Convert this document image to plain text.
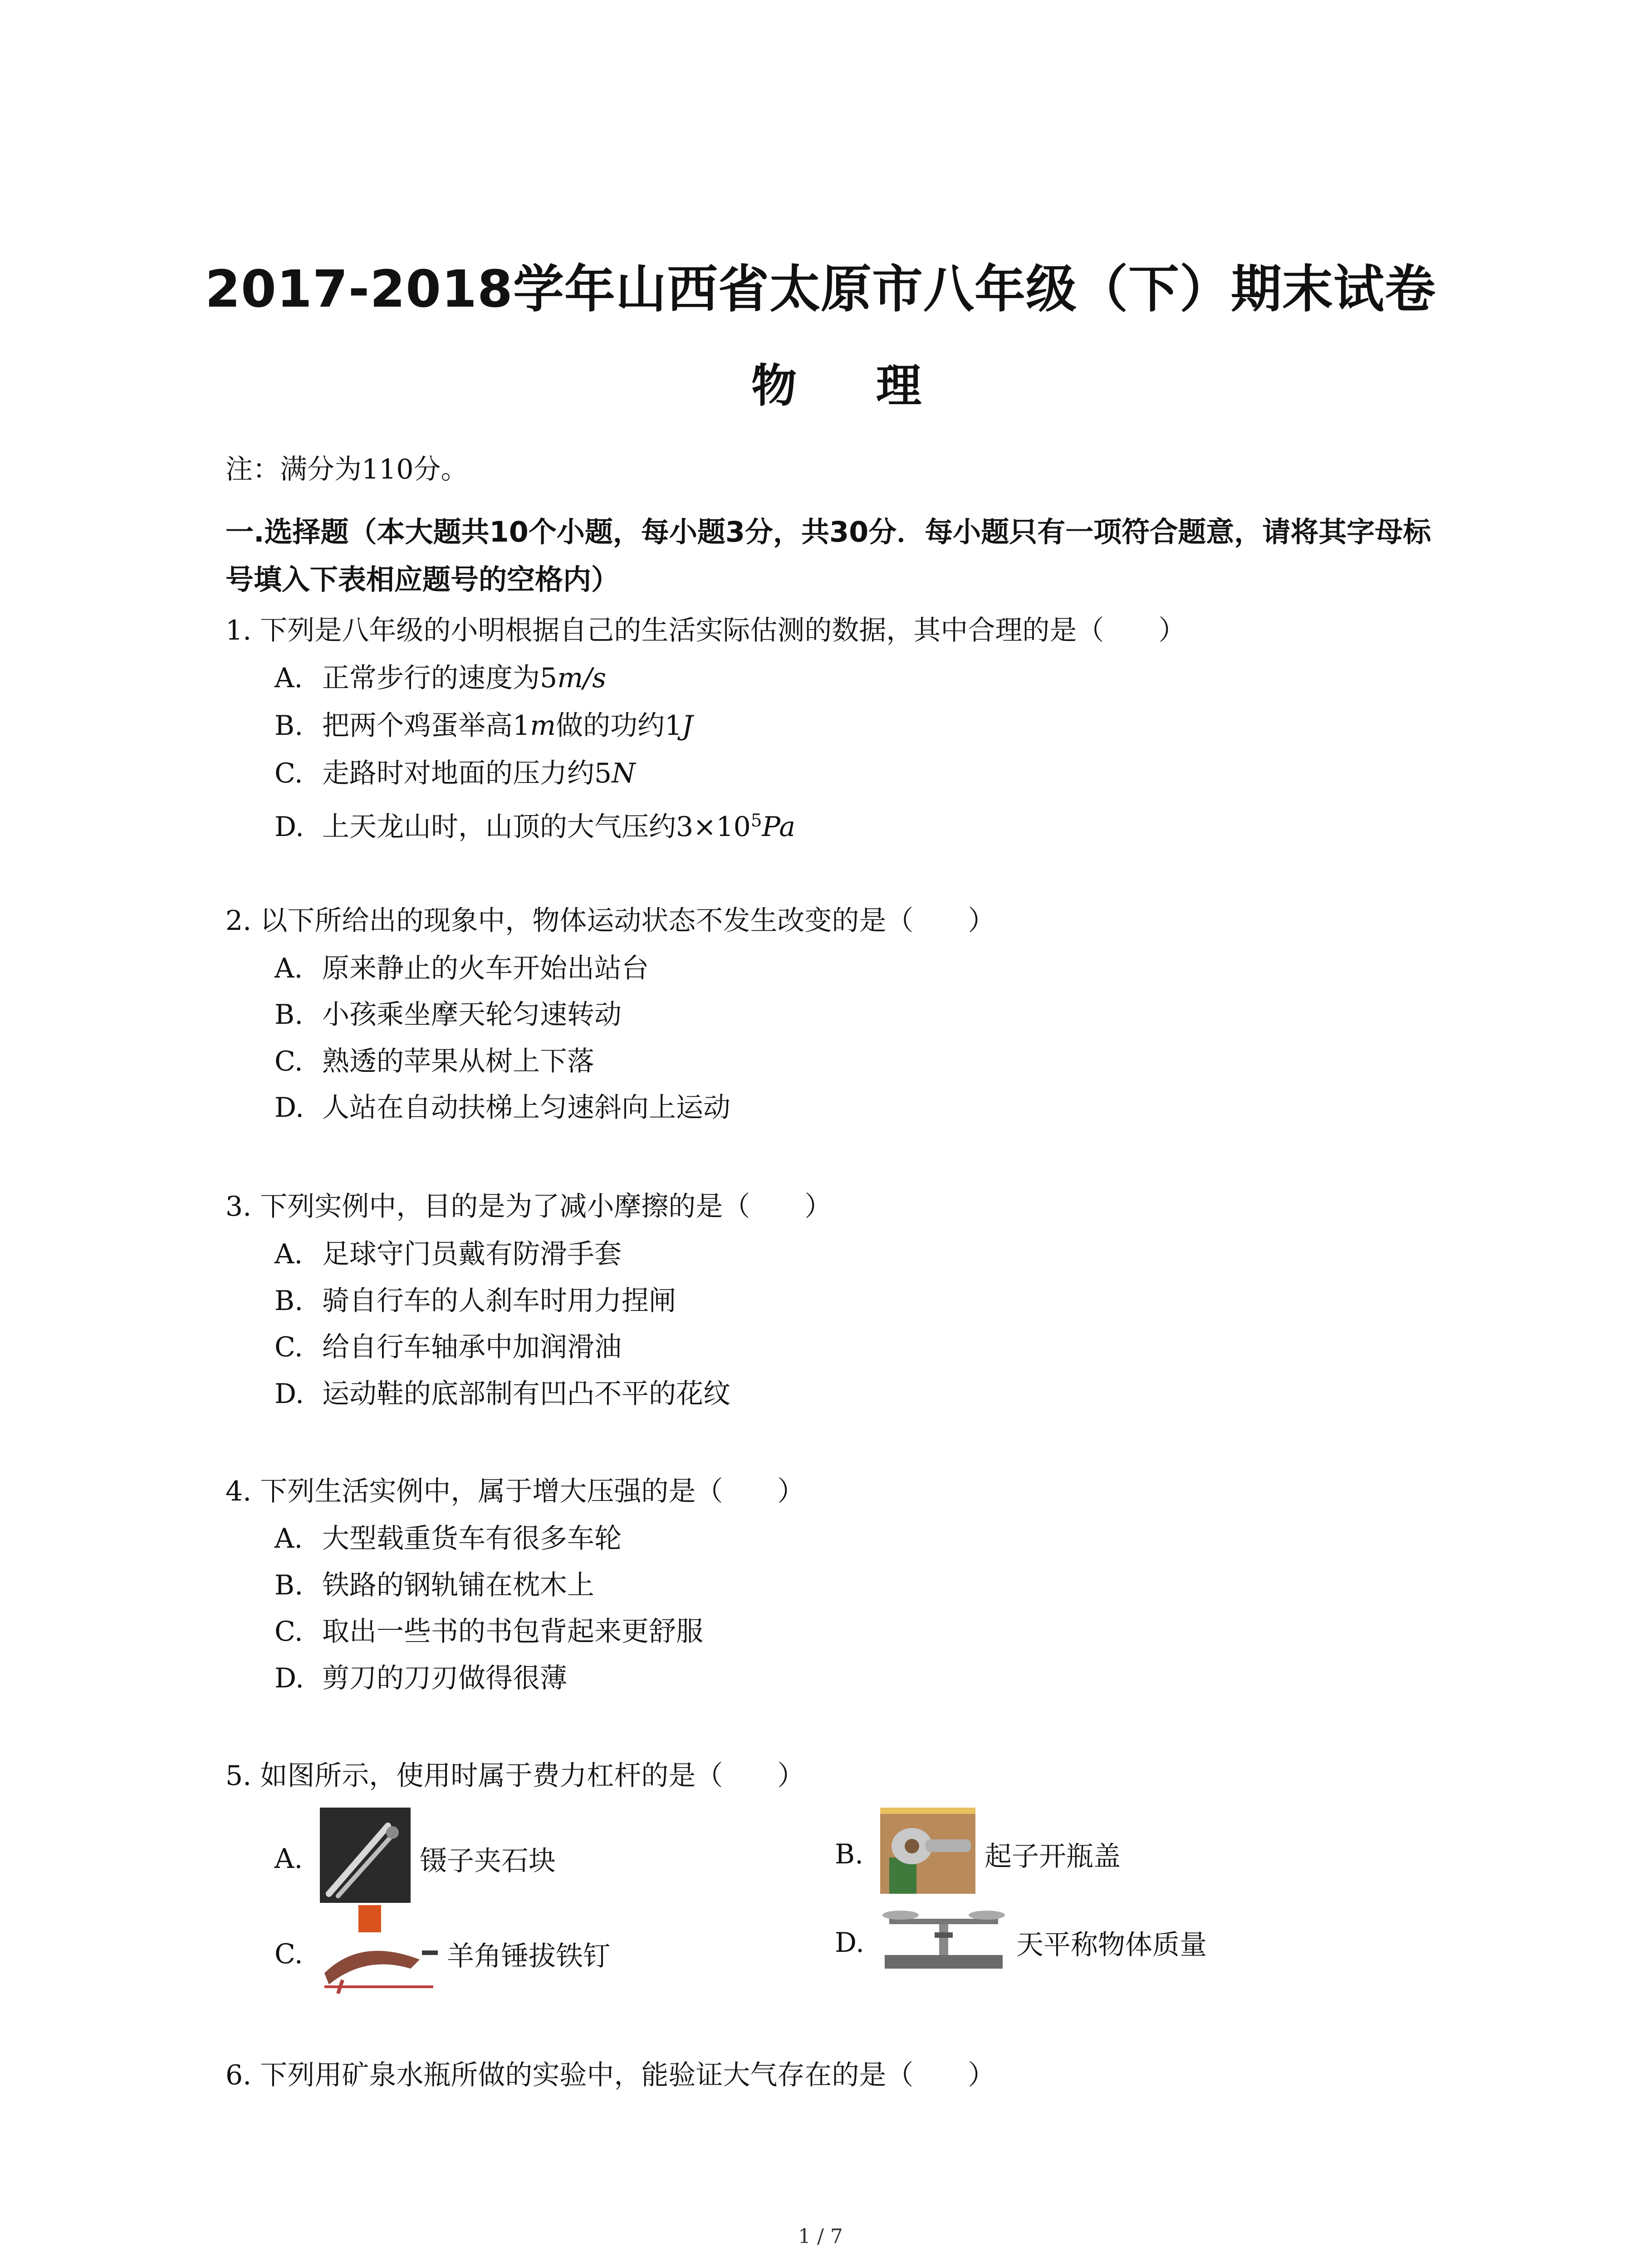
2017-2018学年山西省太原市八年级（下）期末试卷
物 理
注：满分为110分。
一.选择题（本大题共10个小题，每小题3分，共30分．每小题只有一项符合题意，请将其字母标号填入下表相应题号的空格内）
1. 下列是八年级的小明根据自己的生活实际估测的数据，其中合理的是（　　）
A. 正常步行的速度为5m/s
B. 把两个鸡蛋举高1m做的功约1J
C. 走路时对地面的压力约5N
D. 上天龙山时，山顶的大气压约$3\times 10^5Pa$
2. 以下所给出的现象中，物体运动状态不发生改变的是（　　）
A. 原来静止的火车开始出站台
B. 小孩乘坐摩天轮匀速转动
C. 熟透的苹果从树上下落
D. 人站在自动扶梯上匀速斜向上运动
3. 下列实例中，目的是为了减小摩擦的是（　　）
A. 足球守门员戴有防滑手套
B. 骑自行车的人刹车时用力捏闸
C. 给自行车轴承中加润滑油
D. 运动鞋的底部制有凹凸不平的花纹
4. 下列生活实例中，属于增大压强的是（　　）
A. 大型载重货车有很多车轮
B. 铁路的钢轨铺在枕木上
C. 取出一些书的书包背起来更舒服
D. 剪刀的刀刃做得很薄
5. 如图所示，使用时属于费力杠杆的是（　　）
A.	镊子夹石块	B.	起子开瓶盖
C.	羊角锤拔铁钉	D.	天平称物体质量
6. 下列用矿泉水瓶所做的实验中，能验证大气存在的是（　　）
1 / 7
